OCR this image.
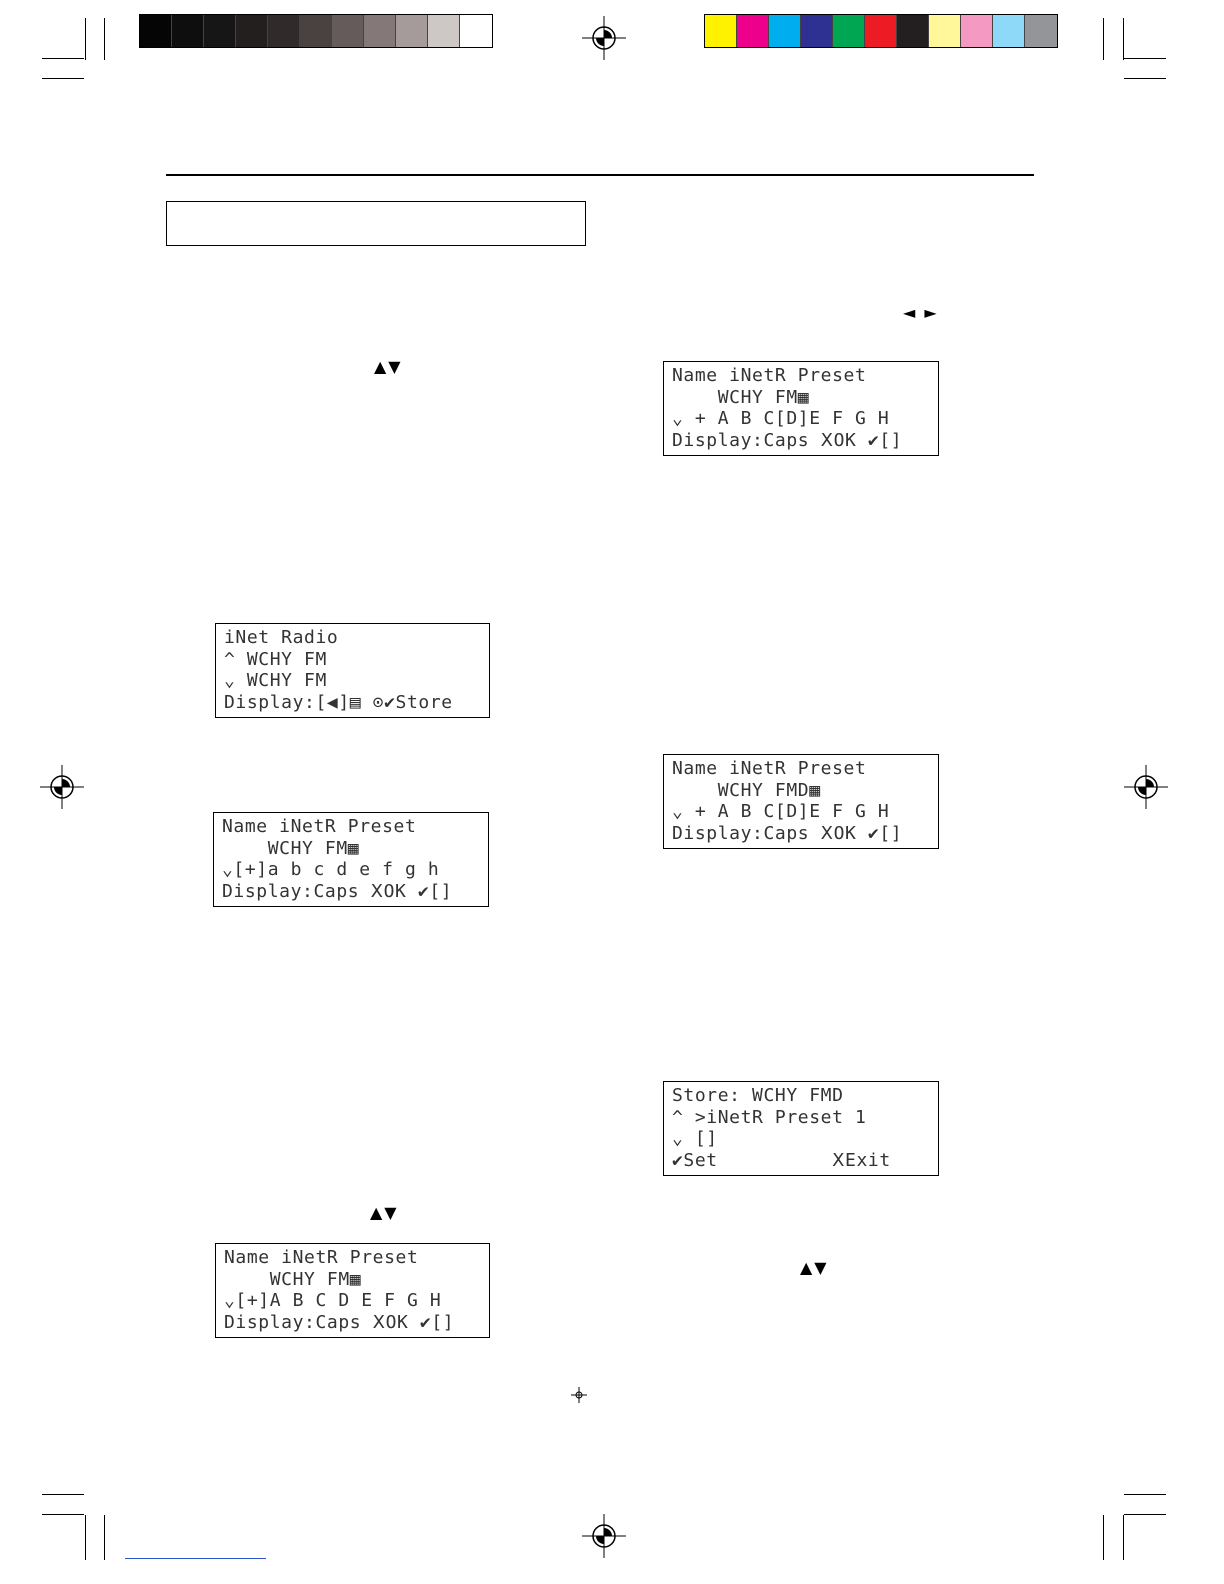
▲▼
iNet Radio
^ WCHY FM
⌄ WCHY FM
Display:[◀]▤ ⊙✔Store
Name iNetR Preset
WCHY FM▦
⌄[+]a b c d e f g h
Display:Caps ⅩOK ✔[]
▲▼
Name iNetR Preset
WCHY FM▦
⌄[+]A B C D E F G H
Display:Caps ⅩOK ✔[]
◄ ►
Name iNetR Preset
WCHY FM▦
⌄ + A B C[D]E F G H
Display:Caps ⅩOK ✔[]
Name iNetR Preset
WCHY FMD▦
⌄ + A B C[D]E F G H
Display:Caps ⅩOK ✔[]
Store: WCHY FMD
^ >iNetR Preset 1
⌄ []
✔Set          ⅩExit
▲▼
